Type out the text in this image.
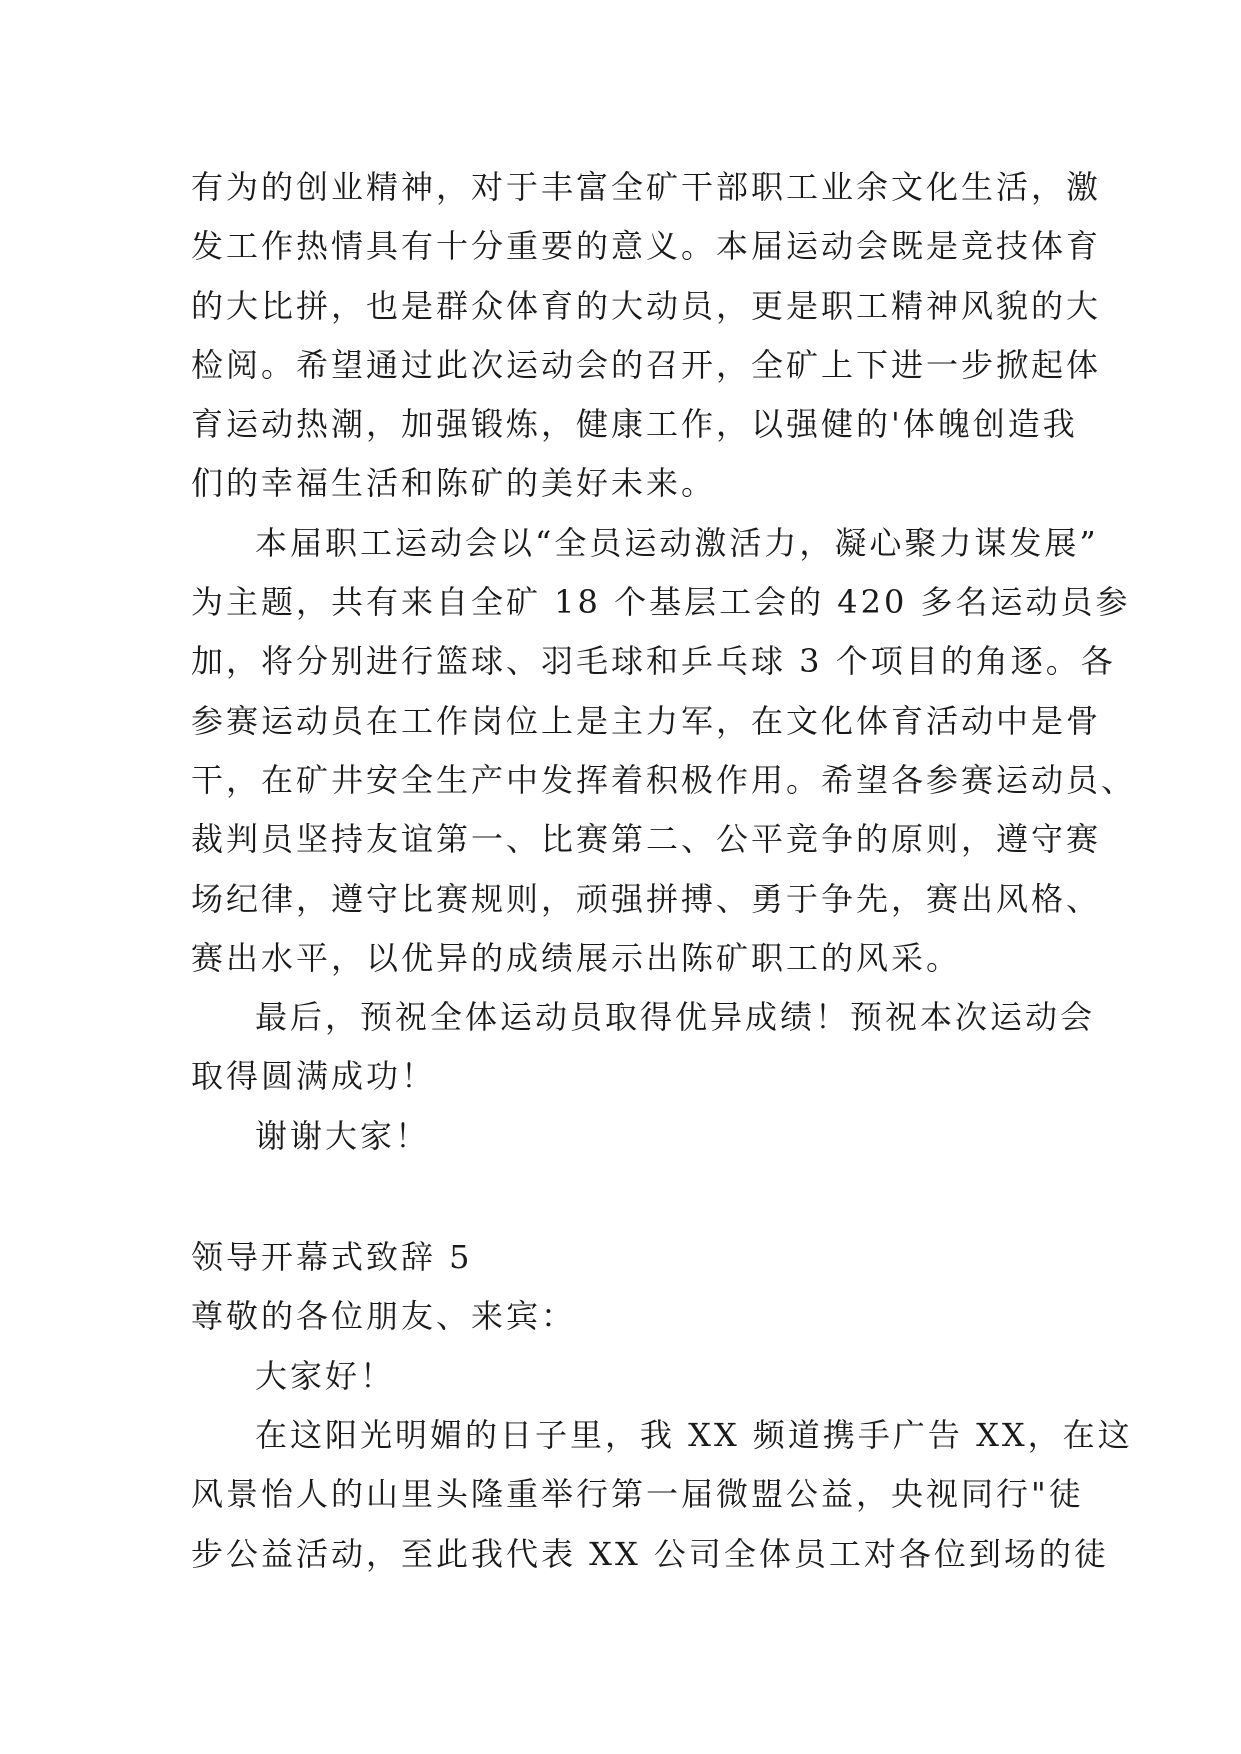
有为的创业精神，对于丰富全矿干部职工业余文化生活，激
发工作热情具有十分重要的意义。本届运动会既是竞技体育
的大比拼，也是群众体育的大动员，更是职工精神风貌的大
检阅。希望通过此次运动会的召开，全矿上下进一步掀起体
育运动热潮，加强锻炼，健康工作，以强健的'体魄创造我
们的幸福生活和陈矿的美好未来。
本届职工运动会以“全员运动激活力，凝心聚力谋发展”
为主题，共有来自全矿 18 个基层工会的 420 多名运动员参
加，将分别进行篮球、羽毛球和乒乓球 3 个项目的角逐。各
参赛运动员在工作岗位上是主力军，在文化体育活动中是骨
干，在矿井安全生产中发挥着积极作用。希望各参赛运动员、
裁判员坚持友谊第一、比赛第二、公平竞争的原则，遵守赛
场纪律，遵守比赛规则，顽强拼搏、勇于争先，赛出风格、
赛出水平，以优异的成绩展示出陈矿职工的风采。
最后，预祝全体运动员取得优异成绩！预祝本次运动会
取得圆满成功！
谢谢大家！
领导开幕式致辞 5
尊敬的各位朋友、来宾：
大家好！
在这阳光明媚的日子里，我 XX 频道携手广告 XX，在这
风景怡人的山里头隆重举行第一届微盟公益，央视同行"徒
步公益活动，至此我代表 XX 公司全体员工对各位到场的徒
